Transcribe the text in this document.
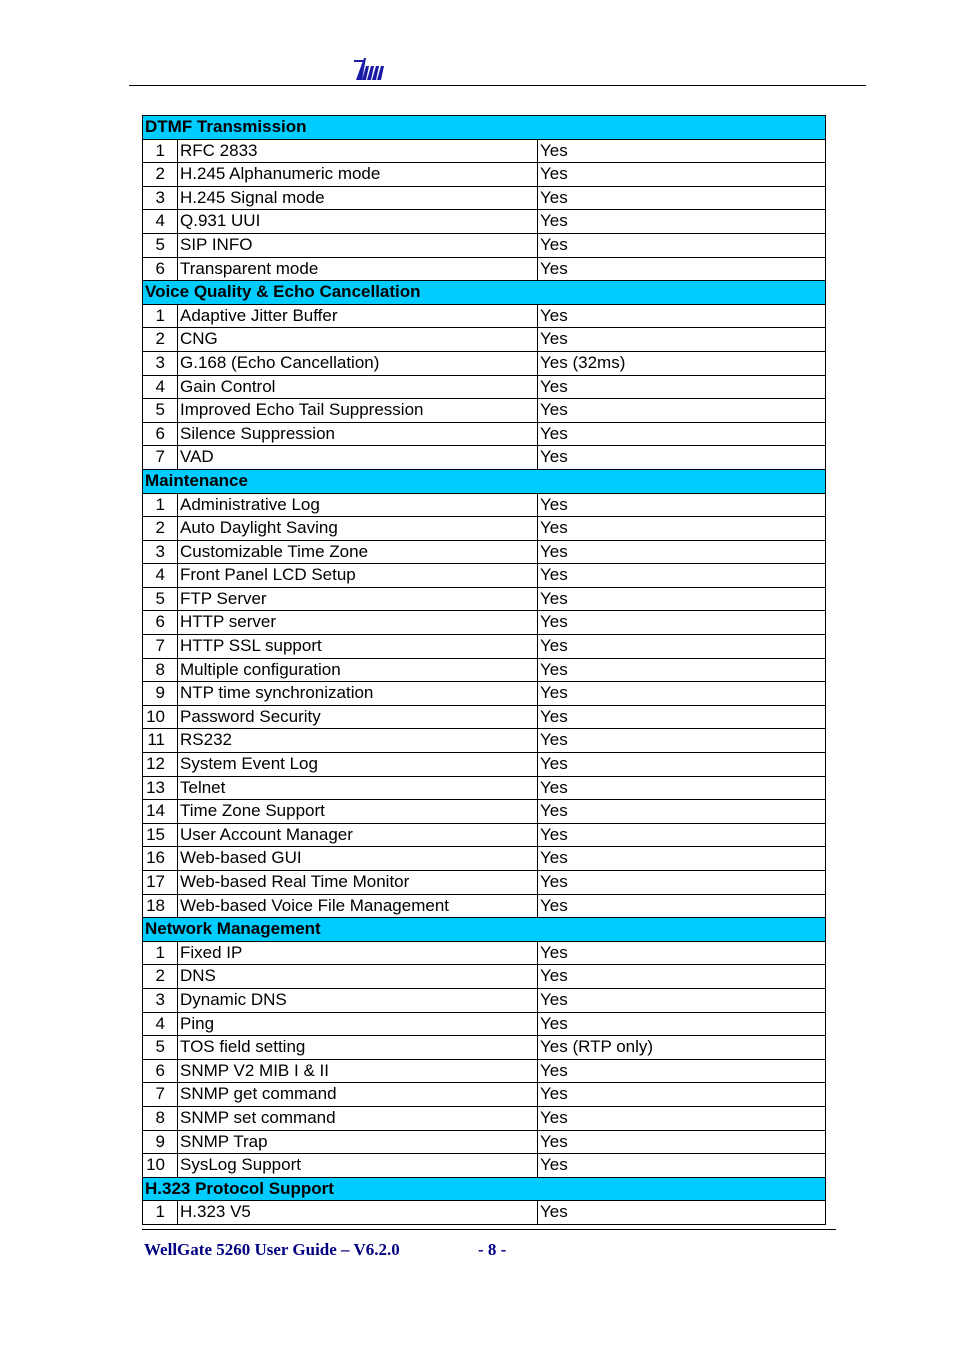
DTMF Transmission		
1	RFC 2833	Yes
2	H.245 Alphanumeric mode	Yes
3	H.245 Signal mode	Yes
4	Q.931 UUI	Yes
5	SIP INFO	Yes
6	Transparent mode	Yes
Voice Quality & Echo Cancellation		
1	Adaptive Jitter Buffer	Yes
2	CNG	Yes
3	G.168 (Echo Cancellation)	Yes (32ms)
4	Gain Control	Yes
5	Improved Echo Tail Suppression	Yes
6	Silence Suppression	Yes
7	VAD	Yes
Maintenance		
1	Administrative Log	Yes
2	Auto Daylight Saving	Yes
3	Customizable Time Zone	Yes
4	Front Panel LCD Setup	Yes
5	FTP Server	Yes
6	HTTP server	Yes
7	HTTP SSL support	Yes
8	Multiple configuration	Yes
9	NTP time synchronization	Yes
10	Password Security	Yes
11	RS232	Yes
12	System Event Log	Yes
13	Telnet	Yes
14	Time Zone Support	Yes
15	User Account Manager	Yes
16	Web-based GUI	Yes
17	Web-based Real Time Monitor	Yes
18	Web-based Voice File Management	Yes
Network Management		
1	Fixed IP	Yes
2	DNS	Yes
3	Dynamic DNS	Yes
4	Ping	Yes
5	TOS field setting	Yes (RTP only)
6	SNMP V2 MIB I & II	Yes
7	SNMP get command	Yes
8	SNMP set command	Yes
9	SNMP Trap	Yes
10	SysLog Support	Yes
H.323 Protocol Support		
1	H.323 V5	Yes
WellGate 5260 User Guide – V6.2.0	- 8 -
